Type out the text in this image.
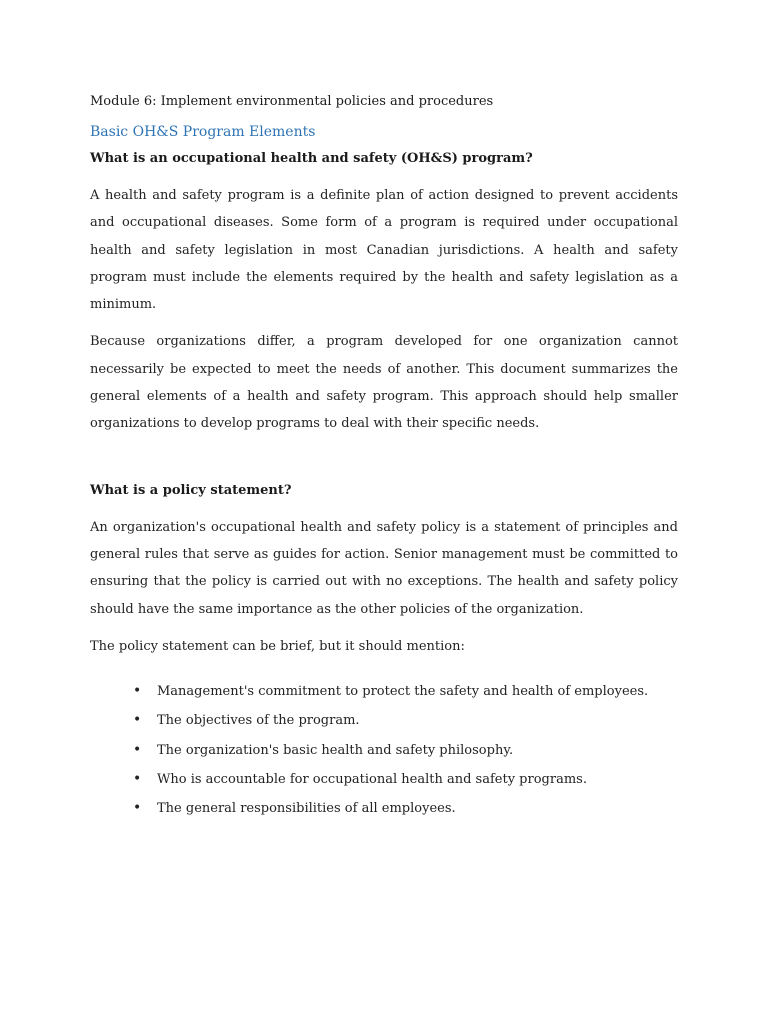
Module 6: Implement environmental policies and procedures

Basic OH&S Program Elements

What is an occupational health and safety (OH&S) program?

A health and safety program is a definite plan of action designed to prevent accidents and occupational diseases. Some form of a program is required under occupational health and safety legislation in most Canadian jurisdictions. A health and safety program must include the elements required by the health and safety legislation as a minimum.

Because organizations differ, a program developed for one organization cannot necessarily be expected to meet the needs of another. This document summarizes the general elements of a health and safety program. This approach should help smaller organizations to develop programs to deal with their specific needs.

What is a policy statement?

An organization's occupational health and safety policy is a statement of principles and general rules that serve as guides for action. Senior management must be committed to ensuring that the policy is carried out with no exceptions. The health and safety policy should have the same importance as the other policies of the organization.

The policy statement can be brief, but it should mention:

• Management's commitment to protect the safety and health of employees.
• The objectives of the program.
• The organization's basic health and safety philosophy.
• Who is accountable for occupational health and safety programs.
• The general responsibilities of all employees.
